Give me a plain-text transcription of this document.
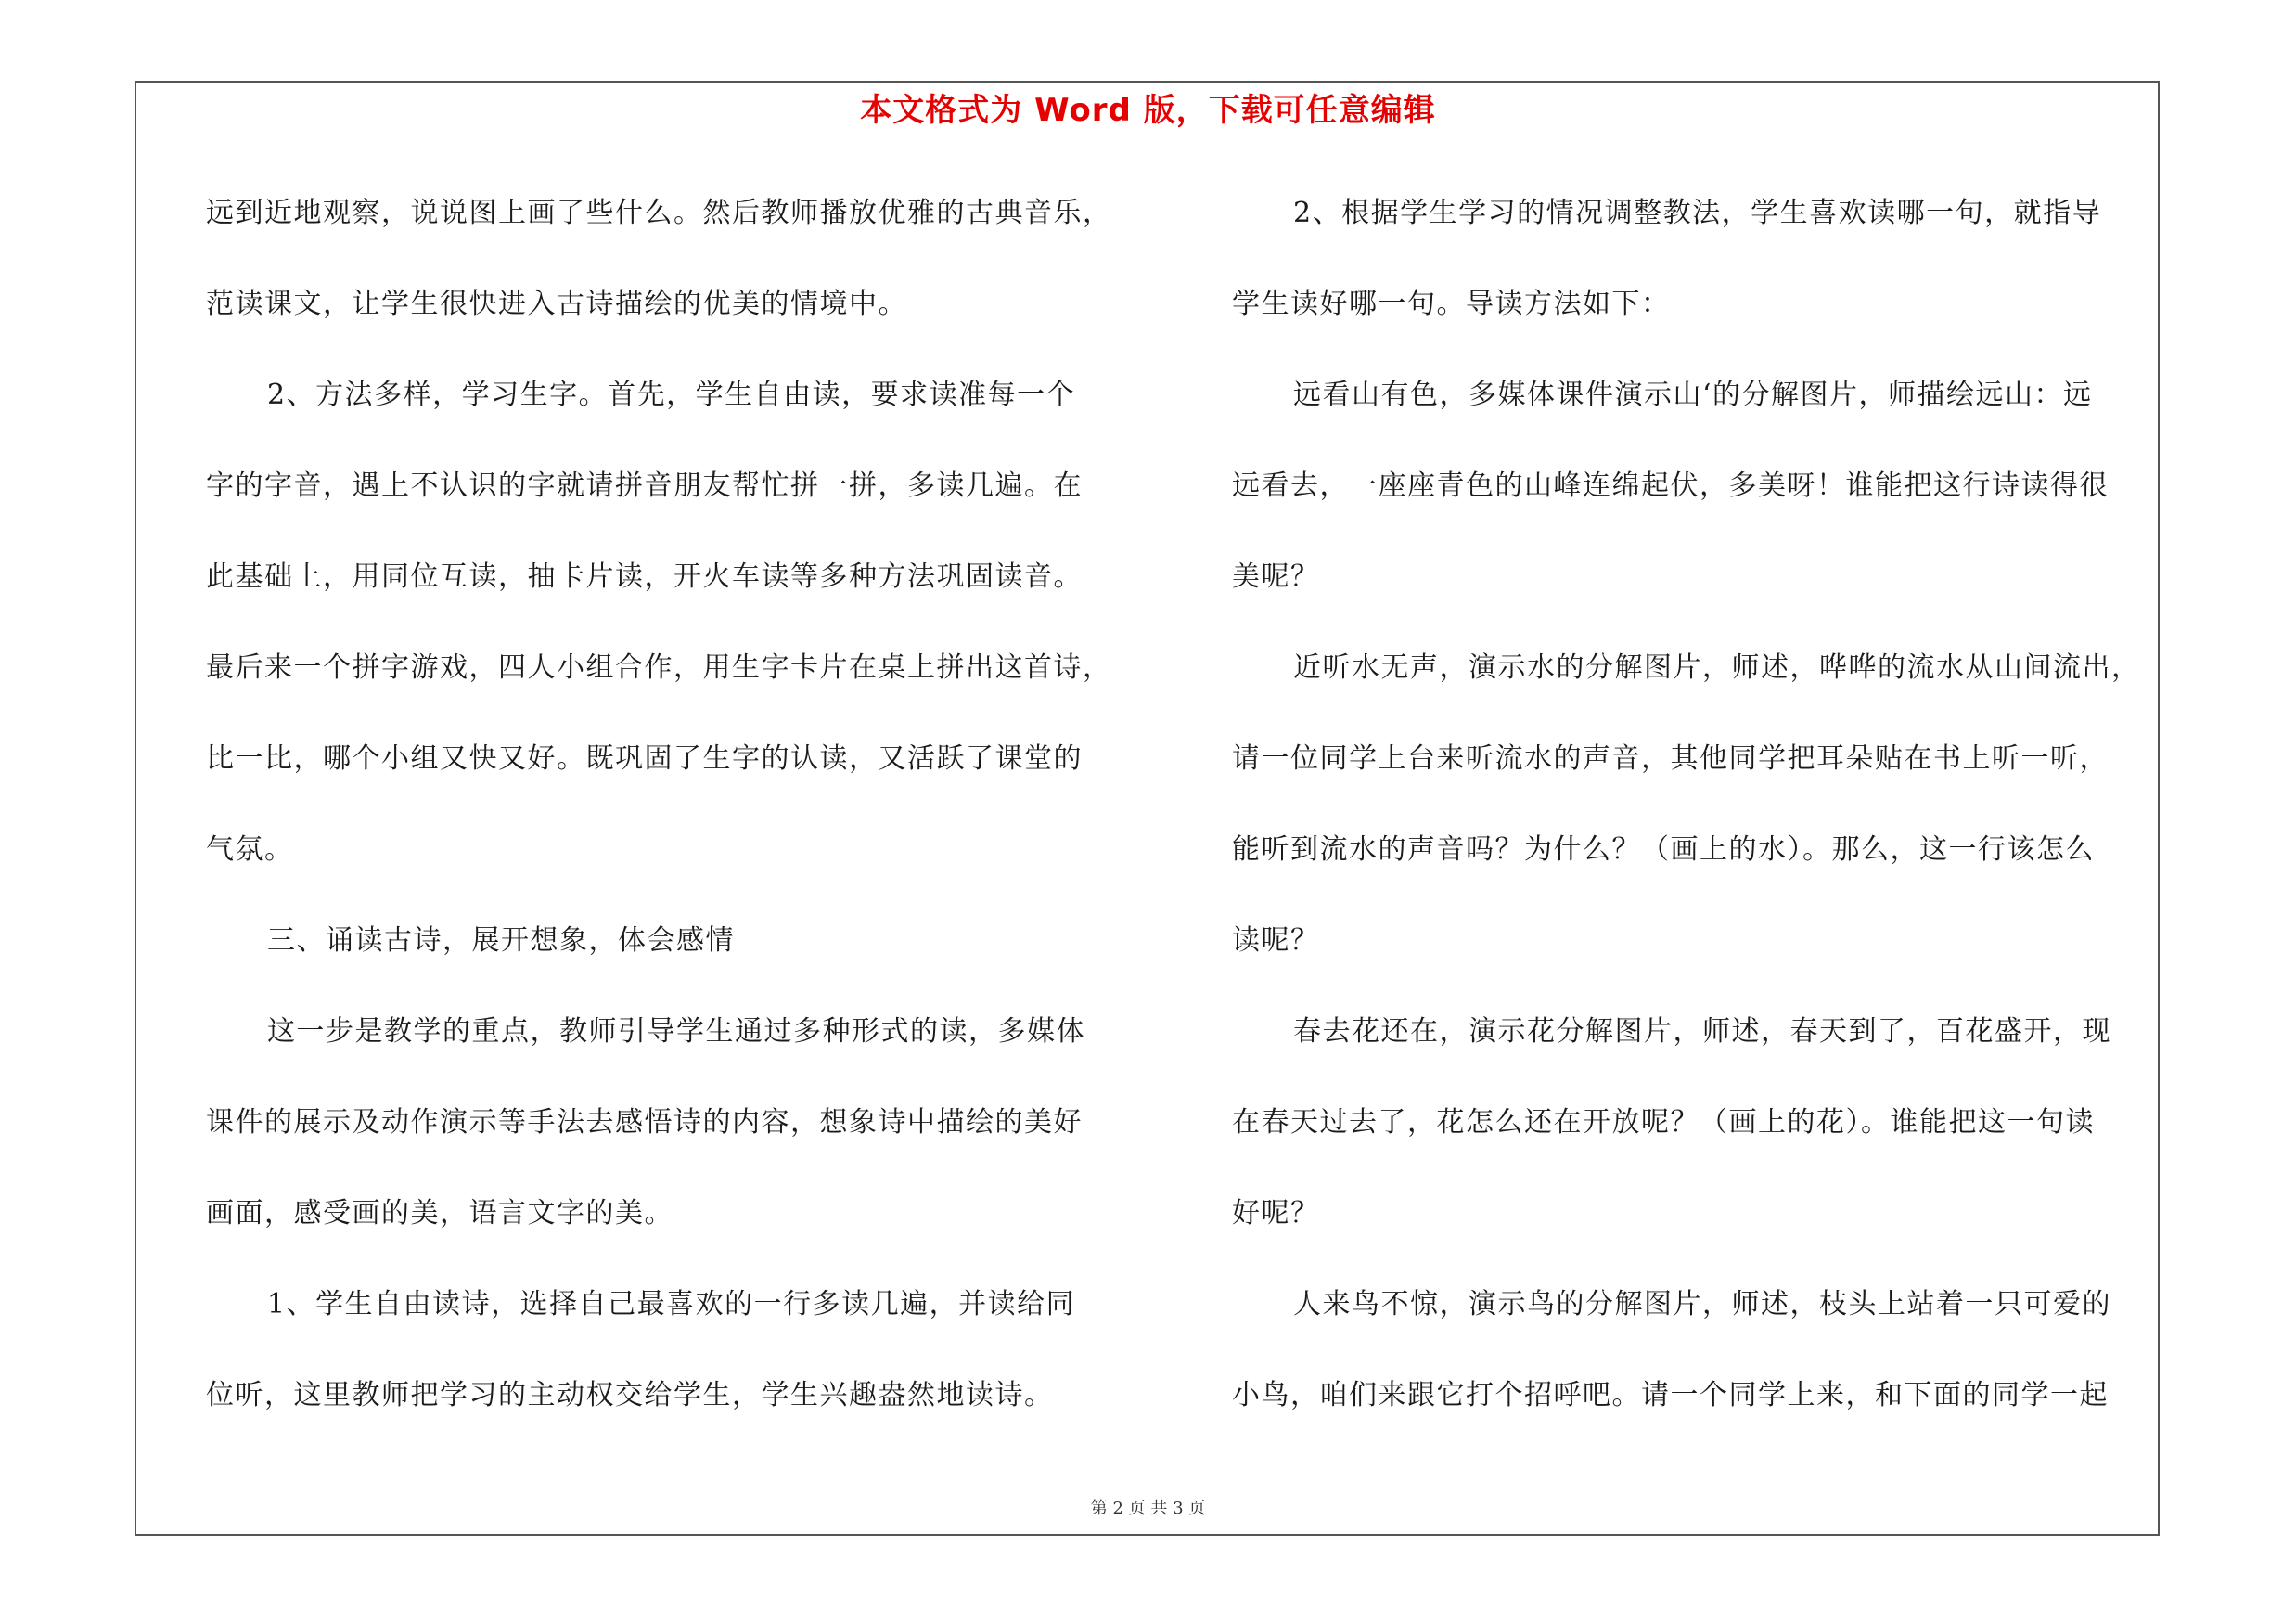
本文格式为 Word 版，下载可任意编辑
远到近地观察，说说图上画了些什么。然后教师播放优雅的古典音乐，
范读课文，让学生很快进入古诗描绘的优美的情境中。
2、方法多样，学习生字。首先，学生自由读，要求读准每一个
字的字音，遇上不认识的字就请拼音朋友帮忙拼一拼，多读几遍。在
此基础上，用同位互读，抽卡片读，开火车读等多种方法巩固读音。
最后来一个拼字游戏，四人小组合作，用生字卡片在桌上拼出这首诗，
比一比，哪个小组又快又好。既巩固了生字的认读，又活跃了课堂的
气氛。
三、诵读古诗，展开想象，体会感情
这一步是教学的重点，教师引导学生通过多种形式的读，多媒体
课件的展示及动作演示等手法去感悟诗的内容，想象诗中描绘的美好
画面，感受画的美，语言文字的美。
1、学生自由读诗，选择自己最喜欢的一行多读几遍，并读给同
位听，这里教师把学习的主动权交给学生，学生兴趣盎然地读诗。
2、根据学生学习的情况调整教法，学生喜欢读哪一句，就指导
学生读好哪一句。导读方法如下：
远看山有色，多媒体课件演示山‘的分解图片，师描绘远山：远
远看去，一座座青色的山峰连绵起伏，多美呀！谁能把这行诗读得很
美呢？
近听水无声，演示水的分解图片，师述，哗哗的流水从山间流出，
请一位同学上台来听流水的声音，其他同学把耳朵贴在书上听一听，
能听到流水的声音吗？为什么？（画上的水）。那么，这一行该怎么
读呢？
春去花还在，演示花分解图片，师述，春天到了，百花盛开，现
在春天过去了，花怎么还在开放呢？（画上的花）。谁能把这一句读
好呢？
人来鸟不惊，演示鸟的分解图片，师述，枝头上站着一只可爱的
小鸟，咱们来跟它打个招呼吧。请一个同学上来，和下面的同学一起
第 2 页 共 3 页
